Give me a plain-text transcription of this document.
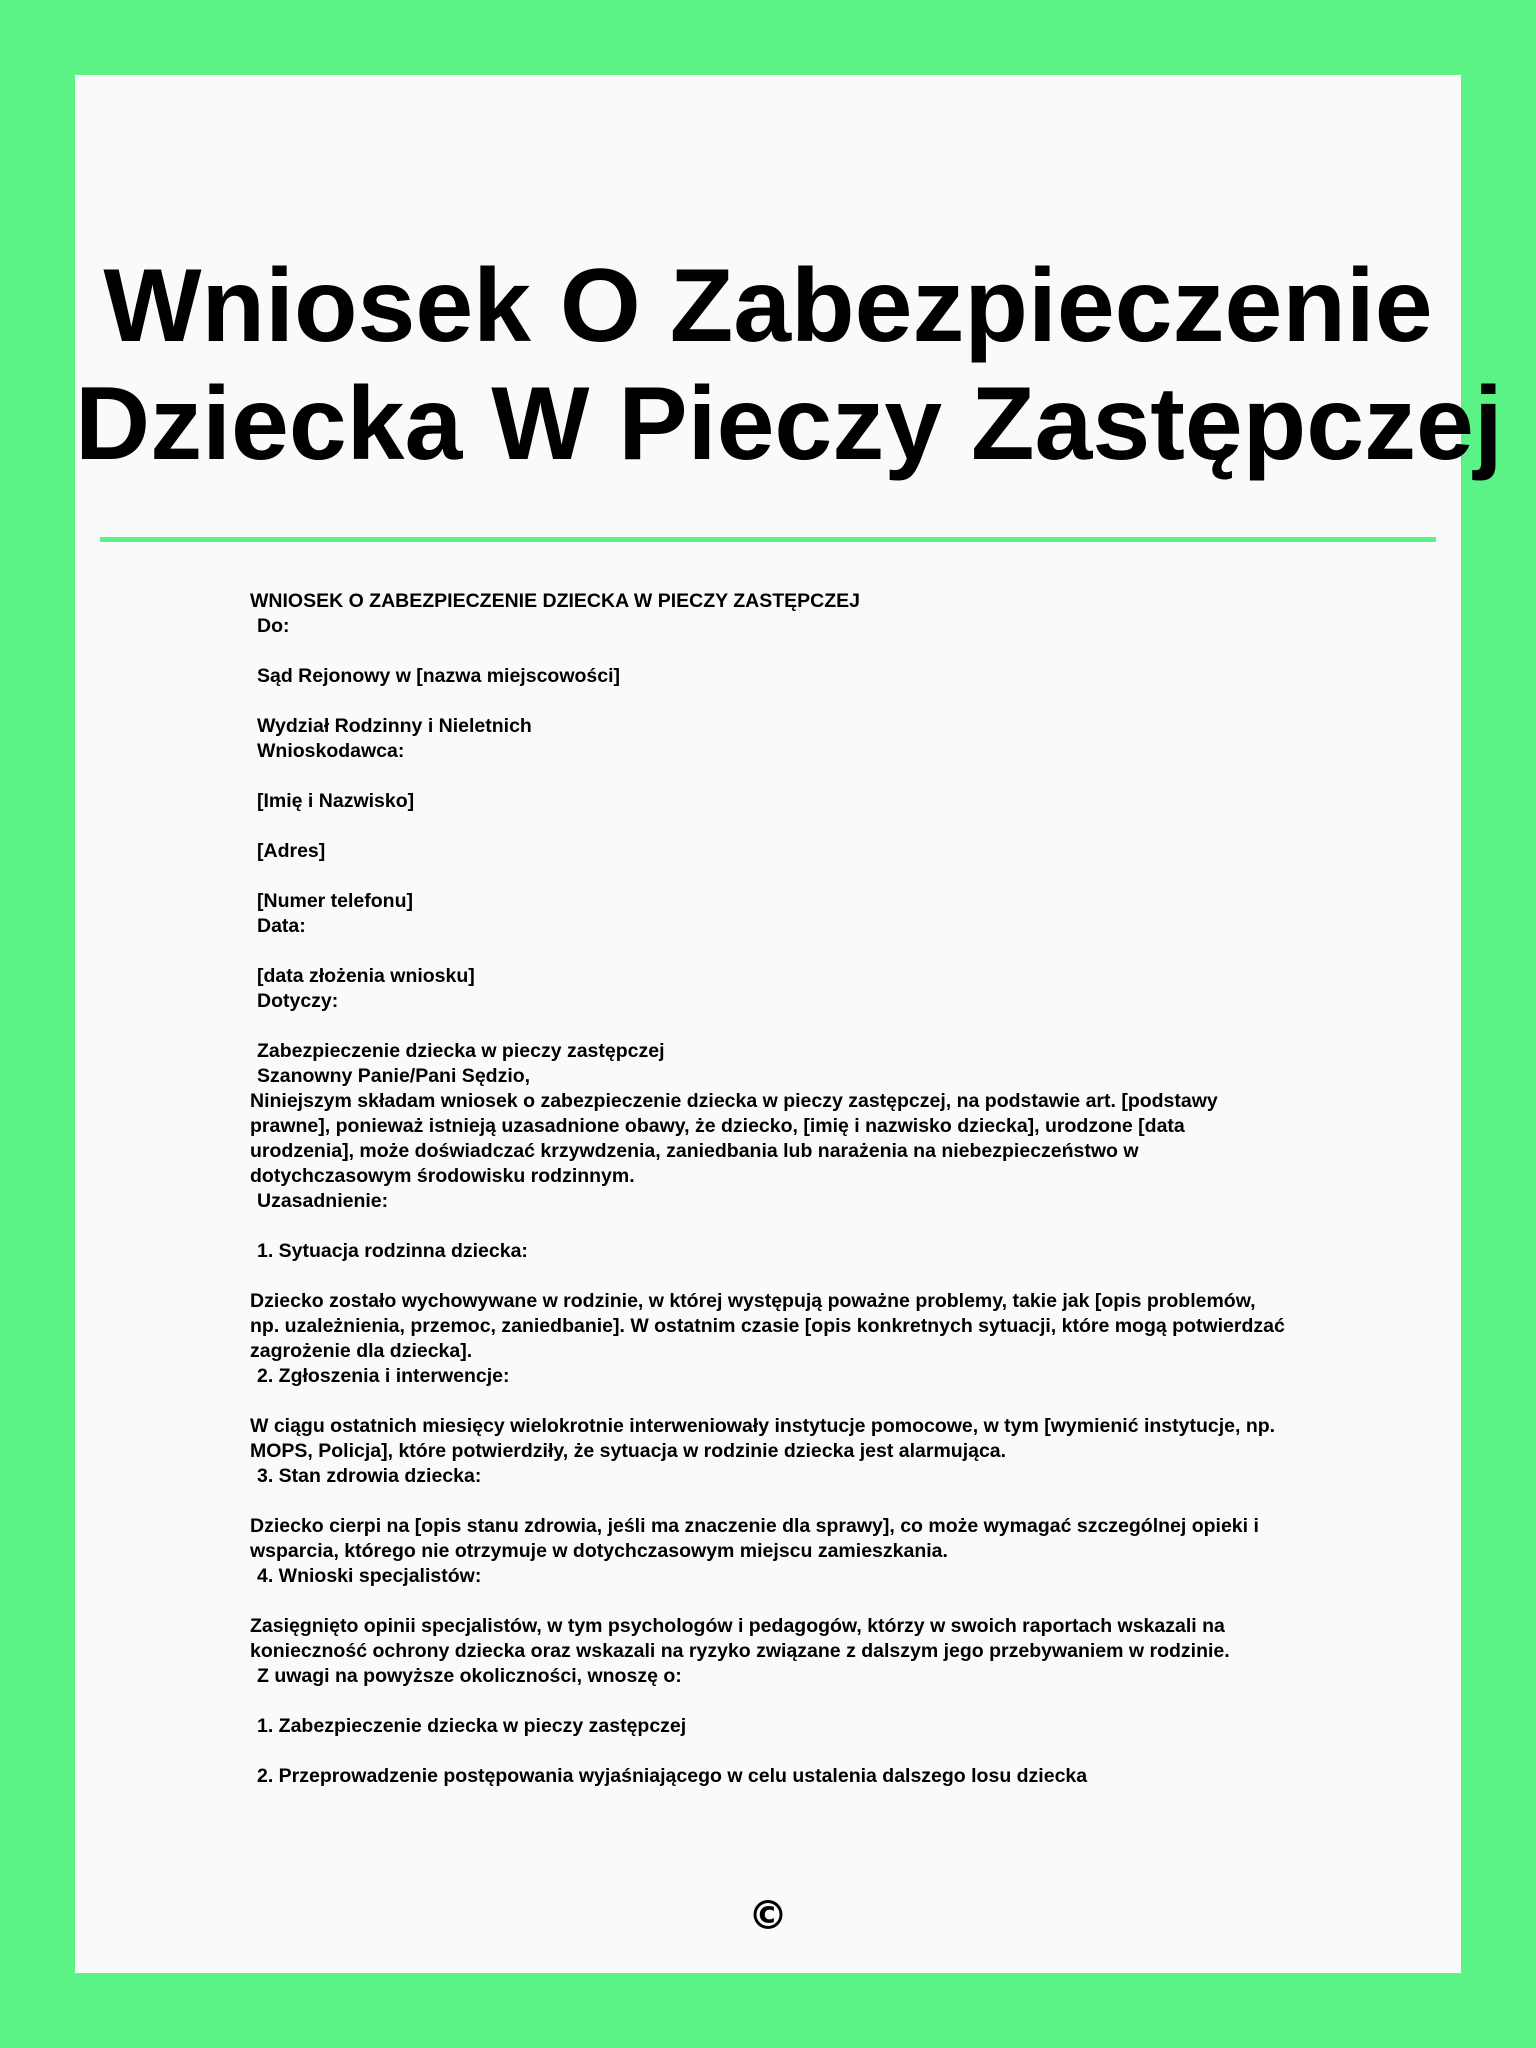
Wniosek O Zabezpieczenie
Dziecka W Pieczy Zastępczej
WNIOSEK O ZABEZPIECZENIE DZIECKA W PIECZY ZASTĘPCZEJ
Do:
Sąd Rejonowy w [nazwa miejscowości]
Wydział Rodzinny i Nieletnich
Wnioskodawca:
[Imię i Nazwisko]
[Adres]
[Numer telefonu]
Data:
[data złożenia wniosku]
Dotyczy:
Zabezpieczenie dziecka w pieczy zastępczej
Szanowny Panie/Pani Sędzio,
Niniejszym składam wniosek o zabezpieczenie dziecka w pieczy zastępczej, na podstawie art. [podstawy prawne], ponieważ istnieją uzasadnione obawy, że dziecko, [imię i nazwisko dziecka], urodzone [data urodzenia], może doświadczać krzywdzenia, zaniedbania lub narażenia na niebezpieczeństwo w dotychczasowym środowisku rodzinnym.
Uzasadnienie:
1. Sytuacja rodzinna dziecka:
Dziecko zostało wychowywane w rodzinie, w której występują poważne problemy, takie jak [opis problemów, np. uzależnienia, przemoc, zaniedbanie]. W ostatnim czasie [opis konkretnych sytuacji, które mogą potwierdzać zagrożenie dla dziecka].
2. Zgłoszenia i interwencje:
W ciągu ostatnich miesięcy wielokrotnie interweniowały instytucje pomocowe, w tym [wymienić instytucje, np. MOPS, Policja], które potwierdziły, że sytuacja w rodzinie dziecka jest alarmująca.
3. Stan zdrowia dziecka:
Dziecko cierpi na [opis stanu zdrowia, jeśli ma znaczenie dla sprawy], co może wymagać szczególnej opieki i wsparcia, którego nie otrzymuje w dotychczasowym miejscu zamieszkania.
4. Wnioski specjalistów:
Zasięgnięto opinii specjalistów, w tym psychologów i pedagogów, którzy w swoich raportach wskazali na konieczność ochrony dziecka oraz wskazali na ryzyko związane z dalszym jego przebywaniem w rodzinie.
Z uwagi na powyższe okoliczności, wnoszę o:
1. Zabezpieczenie dziecka w pieczy zastępczej
2. Przeprowadzenie postępowania wyjaśniającego w celu ustalenia dalszego losu dziecka
©
